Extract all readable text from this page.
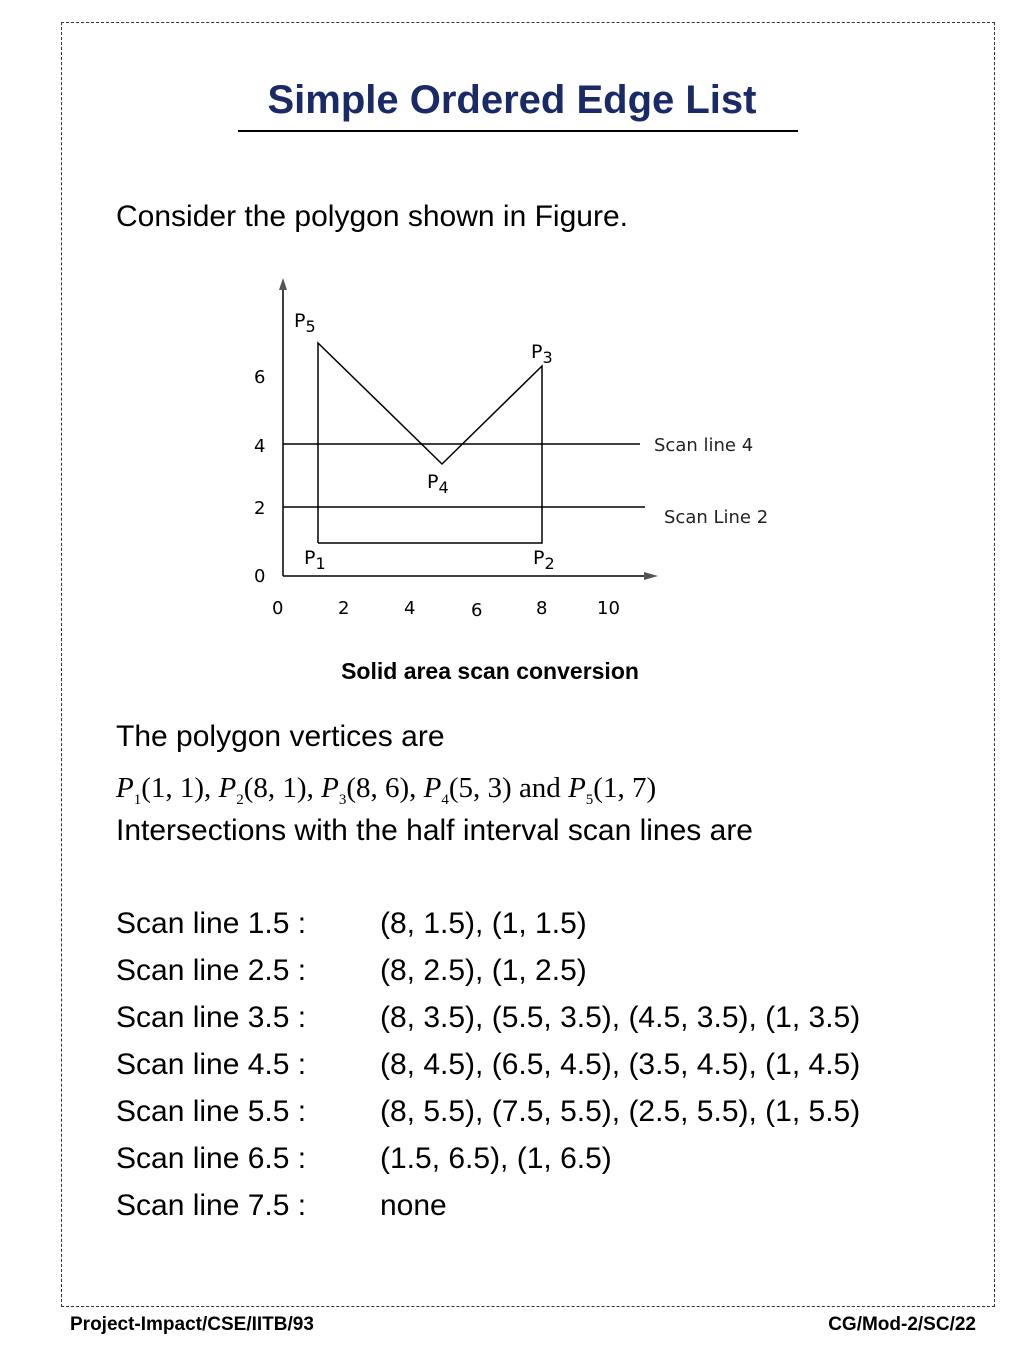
Simple Ordered Edge List
Consider the polygon shown in Figure.
0
2
4
6
0	2	4	6	8	10
$P_1$	$P_2$
$P_3$
$P_4$
$P_5$
Scan line 4
Scan Line 2
Solid area scan conversion
The polygon vertices are
$P_1(1$, 1), $P_2(8$, 1), $P_3(8$, 6), $P_4(5$, 3) and $P_5(1$, 7)
Intersections with the half interval scan lines are
Scan line 1.5 :	(8, 1.5), (1, 1.5)
Scan line 2.5 :	(8, 2.5), (1, 2.5)
Scan line 3.5 :	(8, 3.5), (5.5, 3.5), (4.5, 3.5), (1, 3.5)
Scan line 4.5 :	(8, 4.5), (6.5, 4.5), (3.5, 4.5), (1, 4.5)
Scan line 5.5 :	(8, 5.5), (7.5, 5.5), (2.5, 5.5), (1, 5.5)
Scan line 6.5 :	(1.5, 6.5), (1, 6.5)
Scan line 7.5 :	none
Project-Impact/CSE/IITB/93	CG/Mod-2/SC/22
